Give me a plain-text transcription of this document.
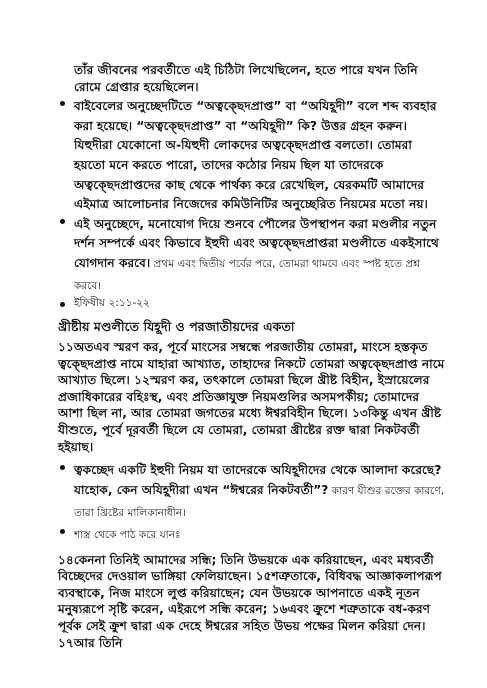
তাঁর জীবনের পরবর্তীতে এই চিঠিটা লিখেছিলেন, হতে পারে যখন তিনি রোমে গ্রেপ্তার হয়েছিলেন।
বাইবেলের অনুচ্ছেদটিতে “অত্বক্ছেদপ্রাপ্ত” বা “অযিহূদী” বলে শব্দ ব্যবহার করা হয়েছে। “অত্বক্ছেদপ্রাপ্ত” বা “অযিহূদী” কি? উত্তর গ্রহন করুন। যিহুদীরা যেকোনো অ-যিহুদী লোকদের অত্বক্ছেদপ্রাপ্ত বলতো। তোমরা হয়তো মনে করতে পারো, তাদের কঠোর নিয়ম ছিল যা তাদেরকে অত্বক্ছেদপ্রাপ্তদের কাছ থেকে পার্থক্য করে রেখেছিল, যেরকমটি আমাদের এইমাত্র আলোচনার নিজেদের কমিউনিটির অনুচ্ছেরিত নিয়মের মতো নয়।
এই অনুচ্ছেদে, মনোযোগ দিয়ে শুনবে পৌলের উপস্থাপন করা মণ্ডলীর নতুন দর্শন সম্পর্কে এবং কিভাবে ইহুদী এবং অত্বক্ছেদপ্রাপ্তরা মণ্ডলীতে একইসাথে যোগদান করবে। প্রথম এবং দ্বিতীয় পর্বের পরে, তোমরা থামবে এবং স্পষ্ট হতে প্রশ্ন করবে।
ইফিষীয় ২:১১-২২
খ্রীষ্টীয় মণ্ডলীতে যিহূদী ও পরজাতীয়দের একতা

১১অতএব স্মরণ কর, পূর্বে মাংসের সম্বন্ধে পরজাতীয় তোমরা, মাংসে হস্তকৃত ত্বক্ছেদপ্রাপ্ত নামে যাহারা আখ্যাত, তাহাদের নিকটে তোমরা অত্বক্ছেদপ্রাপ্ত নামে আখ্যাত ছিলে। ১২স্মরণ কর, তৎকালে তোমরা ছিলে খ্রীষ্ট বিহীন, ইস্রায়েলের প্রজাধিকারের বহিঃস্থ, এবং প্রতিজ্ঞাযুক্ত নিয়মগুলির অসমপর্কীয়; তোমাদের আশা ছিল না, আর তোমরা জগতের মধ্যে ঈশ্বরবিহীন ছিলে। ১৩কিন্তু এখন খ্রীষ্ট যীশুতে, পূর্বে দূরবর্তী ছিলে যে তোমরা, তোমরা খ্রীষ্টের রক্ত দ্বারা নিকটবর্তী হইয়াছ।

ত্বকচ্ছেদ একটি ইহুদী নিয়ম যা তাদেরকে অযিহূদীদের থেকে আলাদা করেছে? যাহোক, কেন অযিহূদীরা এখন “ঈশ্বরের নিকটবর্তী”? কারণ যীশুর রক্তের কারণে, তারা খ্রিষ্টের মালিকানাধীন।
শাস্ত্র থেকে পাঠ করে যানঃ

১৪কেননা তিনিই আমাদের সন্ধি; তিনি উভয়কে এক করিয়াছেন, এবং মধ্যবর্তী বিচ্ছেদের দেওয়াল ভাঙ্গিয়া ফেলিয়াছেন। ১৫শত্রুতাকে, বিধিবদ্ধ আজ্ঞাকলাপরূপ ব্যবস্থাকে, নিজ মাংসে লুপ্ত করিয়াছেন; যেন উভয়কে আপনাতে একই নূতন মনুষ্যরূপে সৃষ্টি করেন, এইরূপে সন্ধি করেন; ১৬এবং ক্রুশে শত্রুতাকে বধ-করণ পূর্বক সেই ক্রুশ দ্বারা এক দেহে ঈশ্বরের সহিত উভয় পক্ষের মিলন করিয়া দেন। ১৭আর তিনি
